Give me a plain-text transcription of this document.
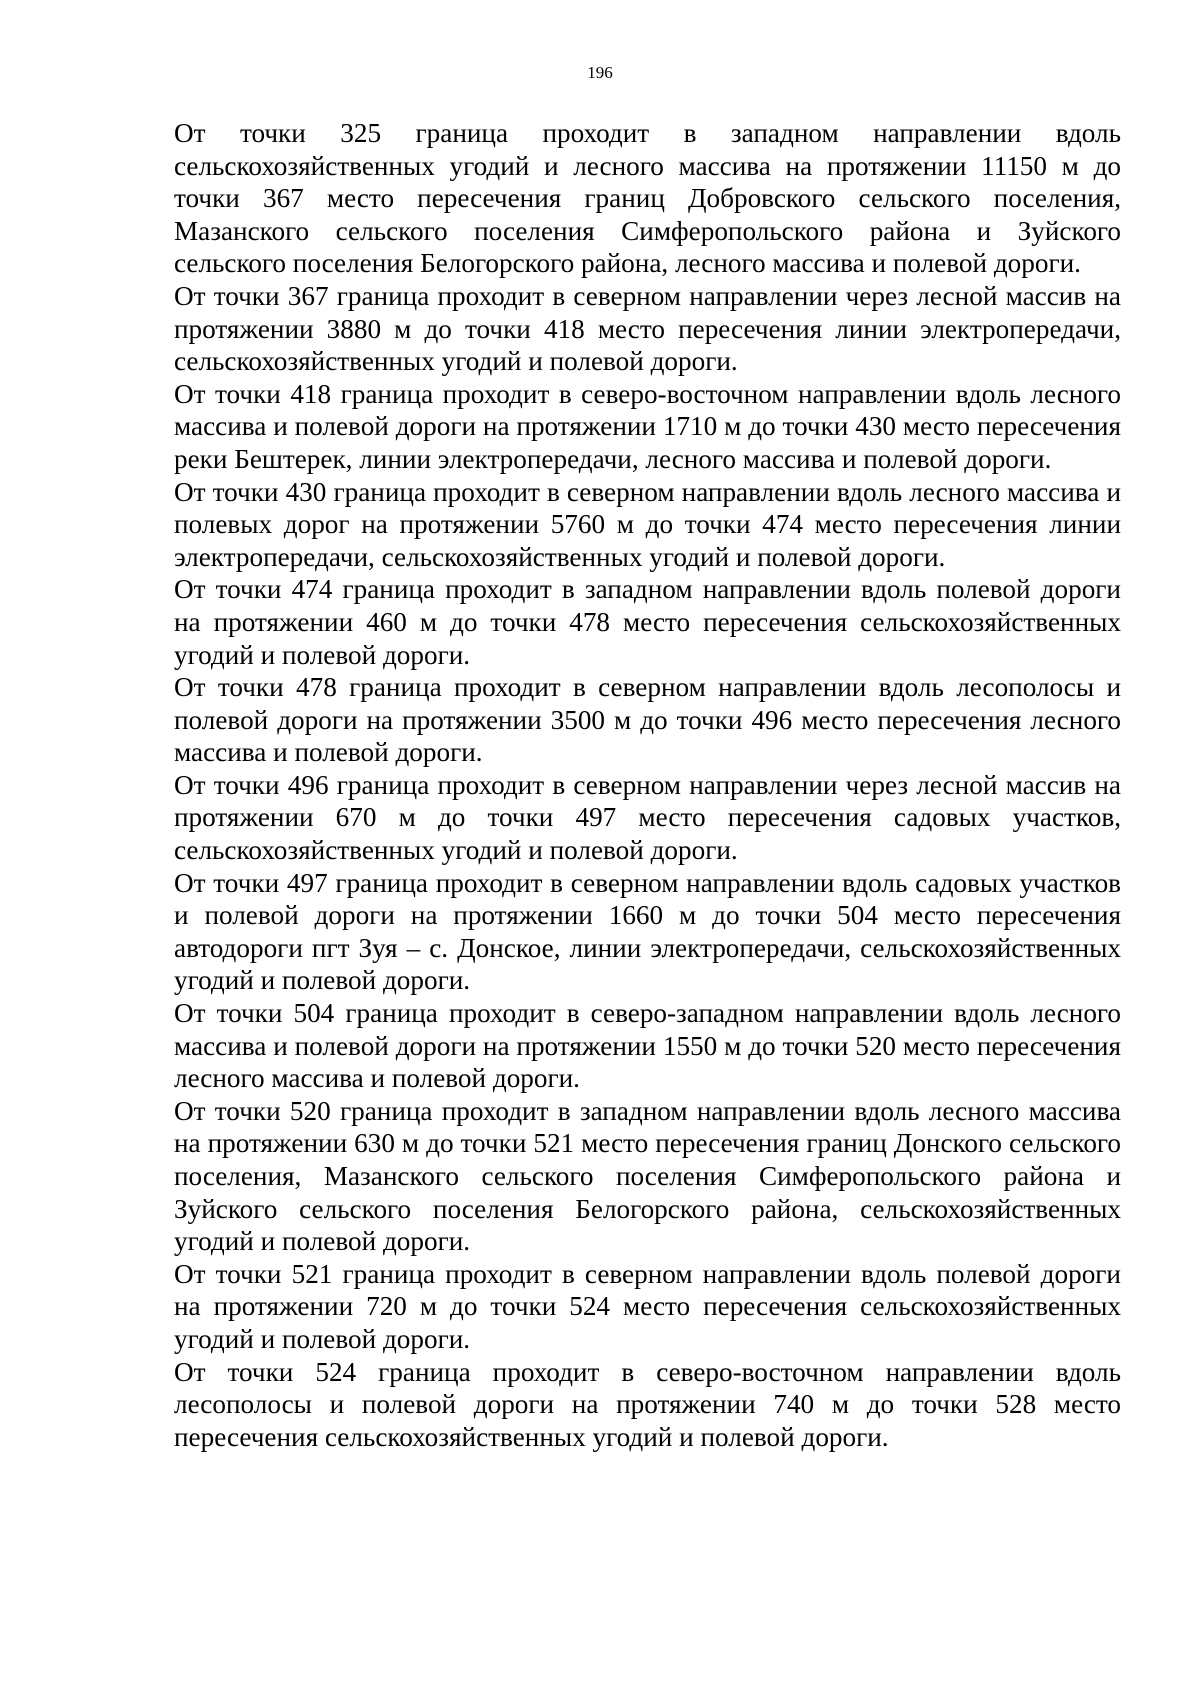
196

От точки 325 граница проходит в западном направлении вдоль сельскохозяйственных угодий и лесного массива на протяжении 11150 м до точки 367 место пересечения границ Добровского сельского поселения, Мазанского сельского поселения Симферопольского района и Зуйского сельского поселения Белогорского района, лесного массива и полевой дороги.

От точки 367 граница проходит в северном направлении через лесной массив на протяжении 3880 м до точки 418 место пересечения линии электропередачи, сельскохозяйственных угодий и полевой дороги.

От точки 418 граница проходит в северо-восточном направлении вдоль лесного массива и полевой дороги на протяжении 1710 м до точки 430 место пересечения реки Бештерек, линии электропередачи, лесного массива и полевой дороги.

От точки 430 граница проходит в северном направлении вдоль лесного массива и полевых дорог на протяжении 5760 м до точки 474 место пересечения линии электропередачи, сельскохозяйственных угодий и полевой дороги.

От точки 474 граница проходит в западном направлении вдоль полевой дороги на протяжении 460 м до точки 478 место пересечения сельскохозяйственных угодий и полевой дороги.

От точки 478 граница проходит в северном направлении вдоль лесополосы и полевой дороги на протяжении 3500 м до точки 496 место пересечения лесного массива и полевой дороги.

От точки 496 граница проходит в северном направлении через лесной массив на протяжении 670 м до точки 497 место пересечения садовых участков, сельскохозяйственных угодий и полевой дороги.

От точки 497 граница проходит в северном направлении вдоль садовых участков и полевой дороги на протяжении 1660 м до точки 504 место пересечения автодороги пгт Зуя – с. Донское, линии электропередачи, сельскохозяйственных угодий и полевой дороги.

От точки 504 граница проходит в северо-западном направлении вдоль лесного массива и полевой дороги на протяжении 1550 м до точки 520 место пересечения лесного массива и полевой дороги.

От точки 520 граница проходит в западном направлении вдоль лесного массива на протяжении 630 м до точки 521 место пересечения границ Донского сельского поселения, Мазанского сельского поселения Симферопольского района и Зуйского сельского поселения Белогорского района, сельскохозяйственных угодий и полевой дороги.

От точки 521 граница проходит в северном направлении вдоль полевой дороги на протяжении 720 м до точки 524 место пересечения сельскохозяйственных угодий и полевой дороги.

От точки 524 граница проходит в северо-восточном направлении вдоль лесополосы и полевой дороги на протяжении 740 м до точки 528 место пересечения сельскохозяйственных угодий и полевой дороги.
